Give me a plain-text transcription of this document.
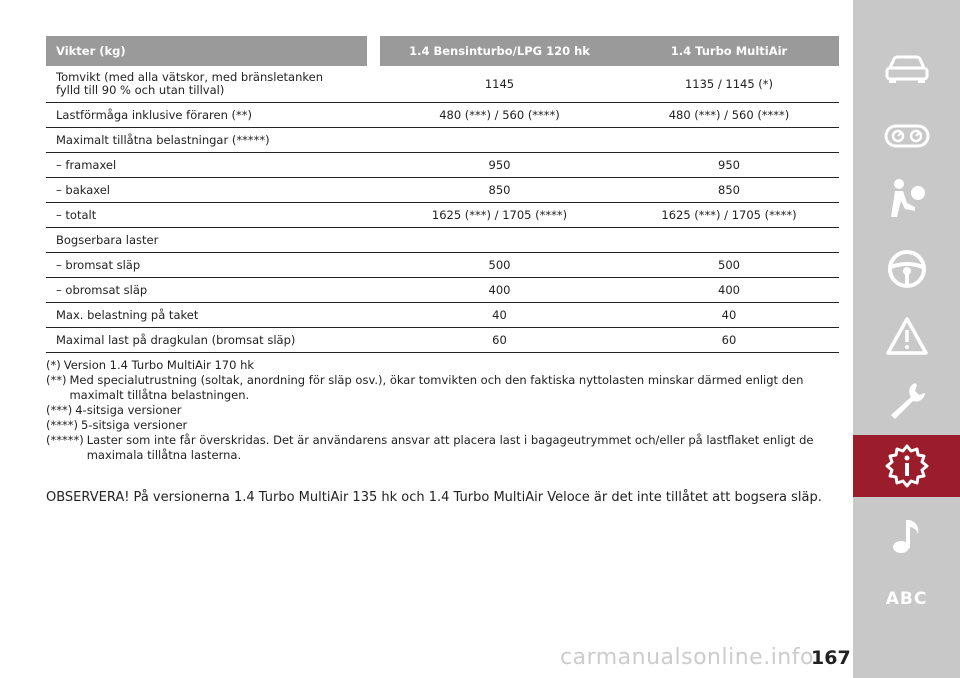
Vikter (kg)	1.4 Bensinturbo/LPG 120 hk	1.4 Turbo MultiAir
Tomvikt (med alla vätskor, med bränsletanken fylld till 90 % och utan tillval)	1145	1135 / 1145 (*)
Lastförmåga inklusive föraren (**)	480 (***) / 560 (****)	480 (***) / 560 (****)
Maximalt tillåtna belastningar (*****)
– framaxel	950	950
– bakaxel	850	850
– totalt	1625 (***) / 1705 (****)	1625 (***) / 1705 (****)
Bogserbara laster
– bromsat släp	500	500
– obromsat släp	400	400
Max. belastning på taket	40	40
Maximal last på dragkulan (bromsat släp)	60	60
(*) Version 1.4 Turbo MultiAir 170 hk
(**) Med specialutrustning (soltak, anordning för släp osv.), ökar tomvikten och den faktiska nyttolasten minskar därmed enligt den maximalt tillåtna belastningen.
(***) 4-sitsiga versioner
(****) 5-sitsiga versioner
(*****) Laster som inte får överskridas. Det är användarens ansvar att placera last i bagageutrymmet och/eller på lastflaket enligt de maximala tillåtna lasterna.
OBSERVERA! På versionerna 1.4 Turbo MultiAir 135 hk och 1.4 Turbo MultiAir Veloce är det inte tillåtet att bogsera släp.
ABC
carmanualsonline.info
167
